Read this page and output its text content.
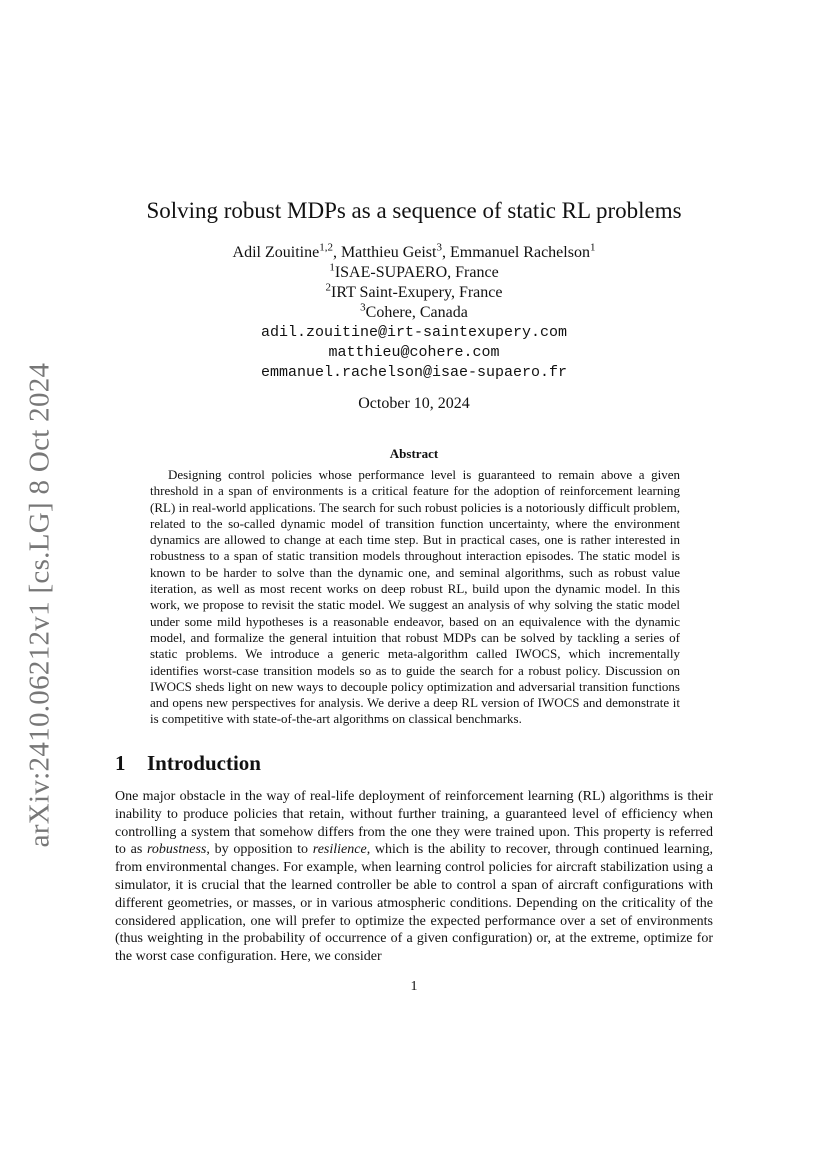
arXiv:2410.06212v1 [cs.LG] 8 Oct 2024
Solving robust MDPs as a sequence of static RL problems
Adil Zouitine$^{1,2}$, Matthieu Geist$^3$, Emmanuel Rachelson$^1$
$^1$ISAE-SUPAERO, France
$^2$IRT Saint-Exupery, France
$^3$Cohere, Canada
adil.zouitine@irt-saintexupery.com
matthieu@cohere.com
emmanuel.rachelson@isae-supaero.fr
October 10, 2024
Abstract

Designing control policies whose performance level is guaranteed to remain above a given threshold in a span of environments is a critical feature for the adoption of reinforcement learning (RL) in real-world applications. The search for such robust policies is a notoriously difficult problem, related to the so-called dynamic model of transition function uncertainty, where the environment dynamics are allowed to change at each time step. But in practical cases, one is rather interested in robustness to a span of static transition models throughout interaction episodes. The static model is known to be harder to solve than the dynamic one, and seminal algorithms, such as robust value iteration, as well as most recent works on deep robust RL, build upon the dynamic model. In this work, we propose to revisit the static model. We suggest an analysis of why solving the static model under some mild hypotheses is a reasonable endeavor, based on an equivalence with the dynamic model, and formalize the general intuition that robust MDPs can be solved by tackling a series of static problems. We introduce a generic meta-algorithm called IWOCS, which incrementally identifies worst-case transition models so as to guide the search for a robust policy. Discussion on IWOCS sheds light on new ways to decouple policy optimization and adversarial transition functions and opens new perspectives for analysis. We derive a deep RL version of IWOCS and demonstrate it is competitive with state-of-the-art algorithms on classical benchmarks.

1 Introduction

One major obstacle in the way of real-life deployment of reinforcement learning (RL) algorithms is their inability to produce policies that retain, without further training, a guaranteed level of efficiency when controlling a system that somehow differs from the one they were trained upon. This property is referred to as robustness, by opposition to resilience, which is the ability to recover, through continued learning, from environmental changes. For example, when learning control policies for aircraft stabilization using a simulator, it is crucial that the learned controller be able to control a span of aircraft configurations with different geometries, or masses, or in various atmospheric conditions. Depending on the criticality of the considered application, one will prefer to optimize the expected performance over a set of environments (thus weighting in the probability of occurrence of a given configuration) or, at the extreme, optimize for the worst case configuration. Here, we consider

1
